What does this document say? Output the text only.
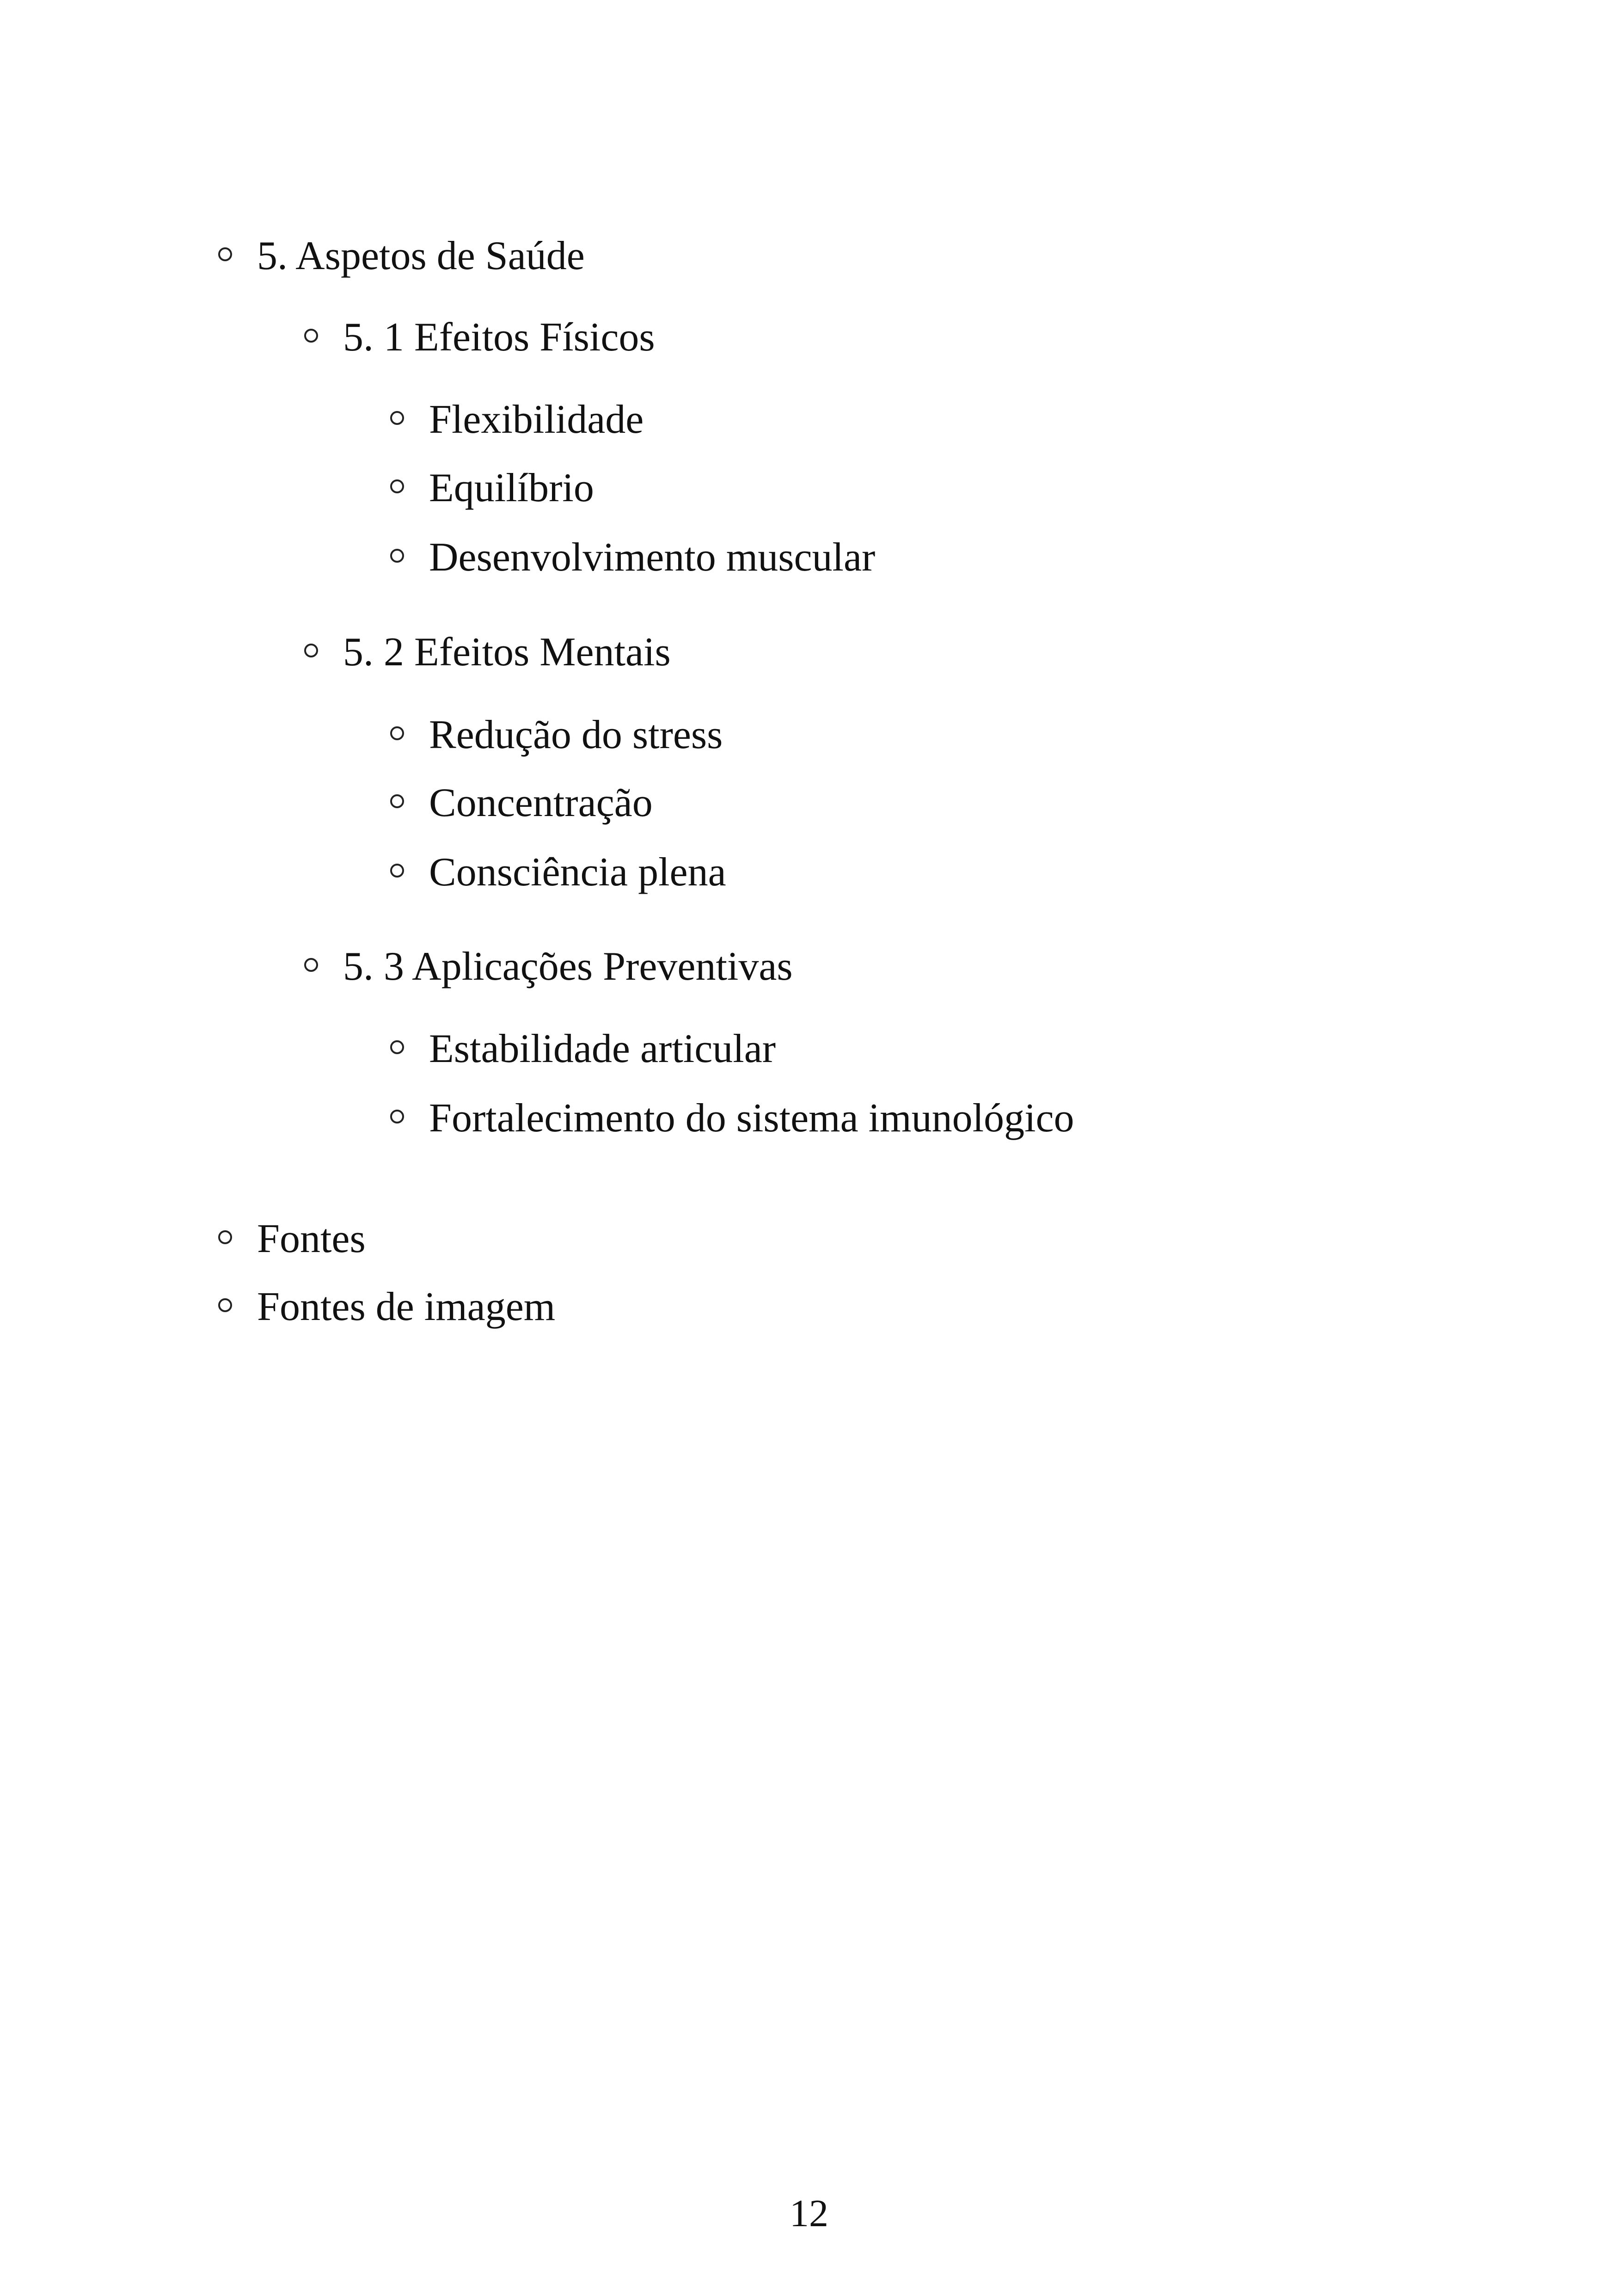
5. Aspetos de Saúde
5. 1 Efeitos Físicos
Flexibilidade
Equilíbrio
Desenvolvimento muscular
5. 2 Efeitos Mentais
Redução do stress
Concentração
Consciência plena
5. 3 Aplicações Preventivas
Estabilidade articular
Fortalecimento do sistema imunológico
Fontes
Fontes de imagem
12
